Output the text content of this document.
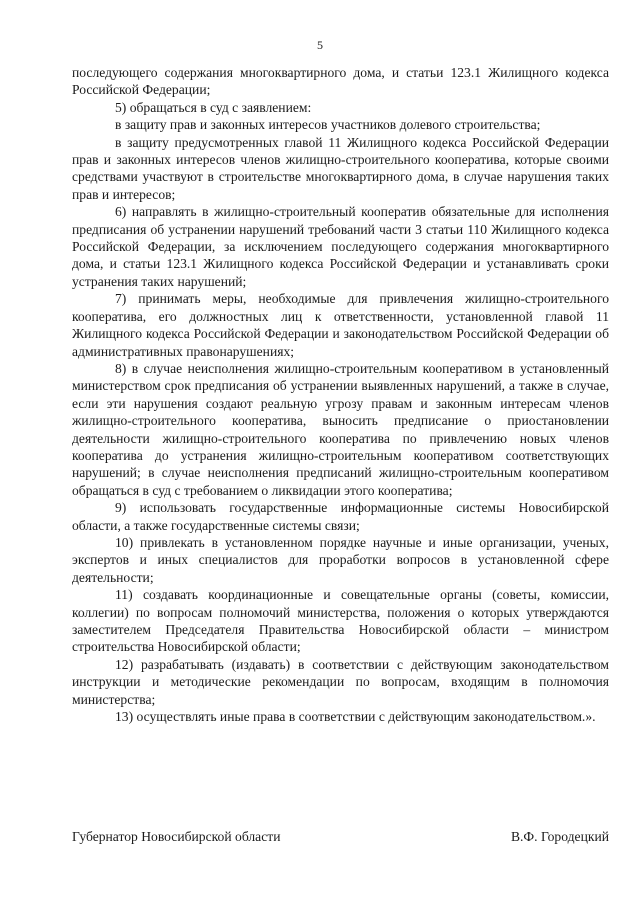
5

последующего содержания многоквартирного дома, и статьи 123.1 Жилищного кодекса Российской Федерации;

5) обращаться в суд с заявлением:

в защиту прав и законных интересов участников долевого строительства;

в защиту предусмотренных главой 11 Жилищного кодекса Российской Федерации прав и законных интересов членов жилищно-строительного кооператива, которые своими средствами участвуют в строительстве многоквартирного дома, в случае нарушения таких прав и интересов;

6) направлять в жилищно-строительный кооператив обязательные для исполнения предписания об устранении нарушений требований части 3 статьи 110 Жилищного кодекса Российской Федерации, за исключением последующего содержания многоквартирного дома, и статьи 123.1 Жилищного кодекса Российской Федерации и устанавливать сроки устранения таких нарушений;

7) принимать меры, необходимые для привлечения жилищно-строительного кооператива, его должностных лиц к ответственности, установленной главой 11 Жилищного кодекса Российской Федерации и законодательством Российской Федерации об административных правонарушениях;

8) в случае неисполнения жилищно-строительным кооперативом в установленный министерством срок предписания об устранении выявленных нарушений, а также в случае, если эти нарушения создают реальную угрозу правам и законным интересам членов жилищно-строительного кооператива, выносить предписание о приостановлении деятельности жилищно-строительного кооператива по привлечению новых членов кооператива до устранения жилищно-строительным кооперативом соответствующих нарушений; в случае неисполнения предписаний жилищно-строительным кооперативом обращаться в суд с требованием о ликвидации этого кооператива;

9) использовать государственные информационные системы Новосибирской области, а также государственные системы связи;

10) привлекать в установленном порядке научные и иные организации, ученых, экспертов и иных специалистов для проработки вопросов в установленной сфере деятельности;

11) создавать координационные и совещательные органы (советы, комиссии, коллегии) по вопросам полномочий министерства, положения о которых утверждаются заместителем Председателя Правительства Новосибирской области – министром строительства Новосибирской области;

12) разрабатывать (издавать) в соответствии с действующим законодательством инструкции и методические рекомендации по вопросам, входящим в полномочия министерства;

13) осуществлять иные права в соответствии с действующим законодательством.».

Губернатор Новосибирской области	В.Ф. Городецкий
